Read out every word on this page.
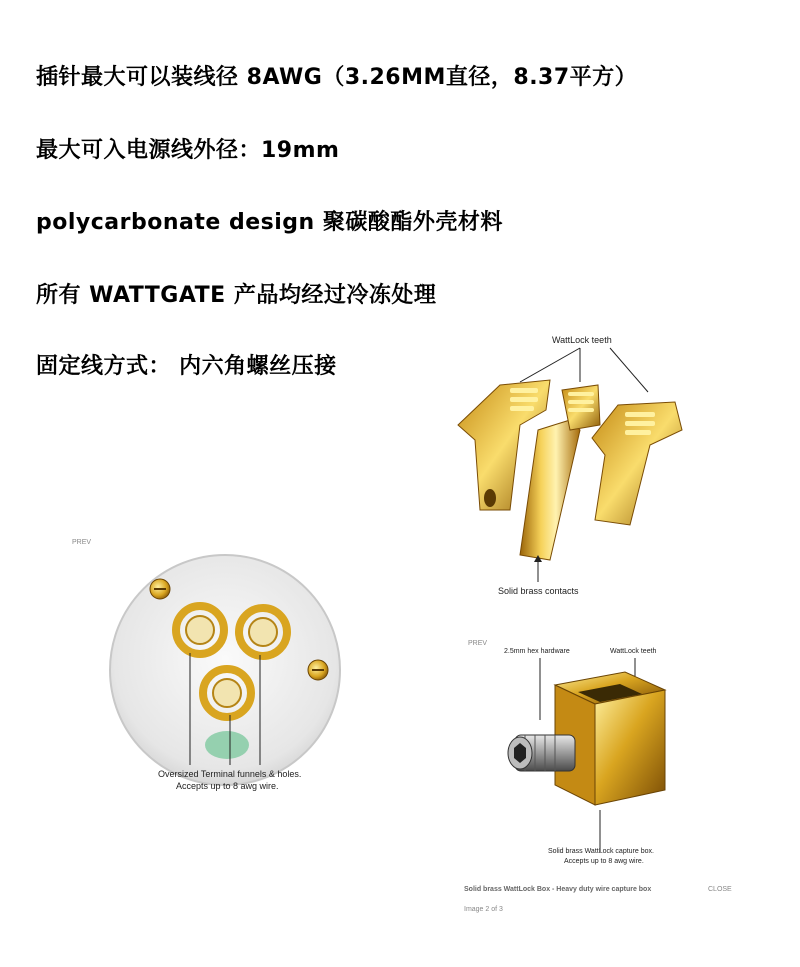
插针最大可以装线径 8AWG（3.26MM直径，8.37平方）

最大可入电源线外径：19mm

polycarbonate design 聚碳酸酯外壳材料

所有 WATTGATE 产品均经过冷冻处理

固定线方式： 内六角螺丝压接

WattLock teeth
Solid brass contacts
PREV
Oversized Terminal funnels & holes.
Accepts up to 8 awg wire.
PREV
2.5mm hex hardware	WattLock teeth
Solid brass WattLock capture box.
Accepts up to 8 awg wire.
Solid brass WattLock Box - Heavy duty wire capture box
Image 2 of 3
CLOSE
